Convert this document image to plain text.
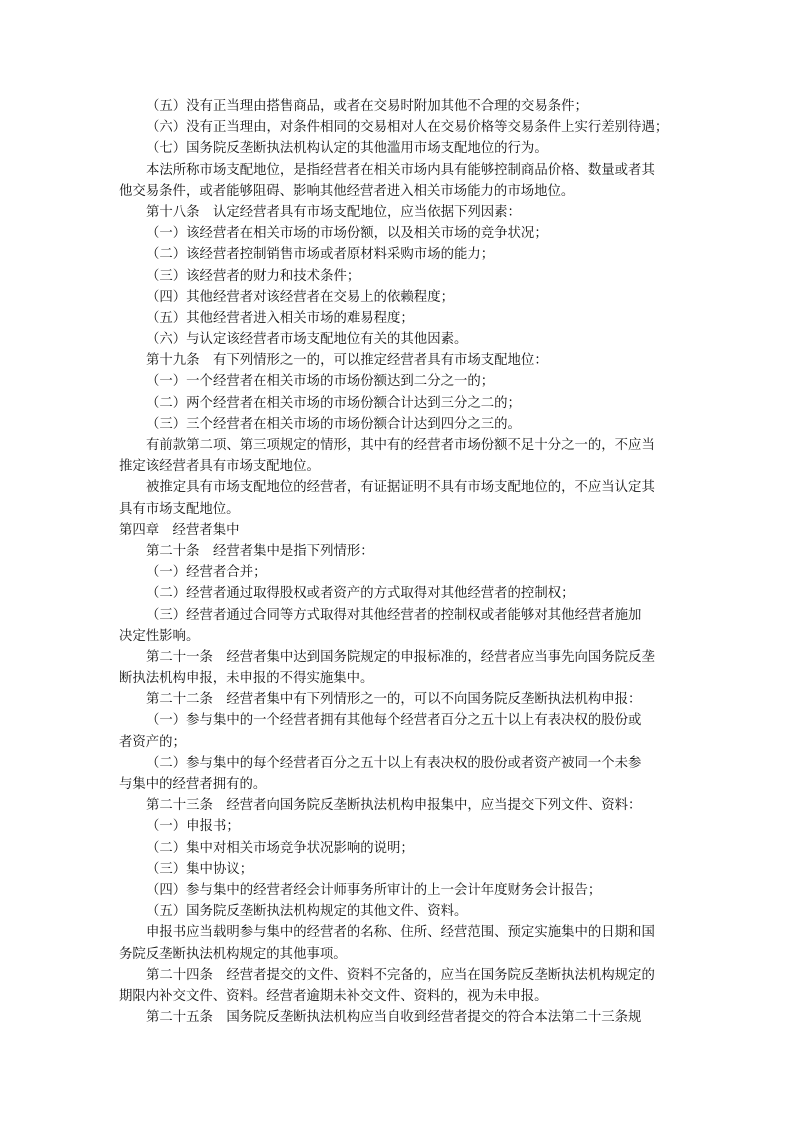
（五）没有正当理由搭售商品，或者在交易时附加其他不合理的交易条件；
（六）没有正当理由，对条件相同的交易相对人在交易价格等交易条件上实行差别待遇；
（七）国务院反垄断执法机构认定的其他滥用市场支配地位的行为。
本法所称市场支配地位，是指经营者在相关市场内具有能够控制商品价格、数量或者其
他交易条件，或者能够阻碍、影响其他经营者进入相关市场能力的市场地位。
第十八条　认定经营者具有市场支配地位，应当依据下列因素：
（一）该经营者在相关市场的市场份额，以及相关市场的竞争状况；
（二）该经营者控制销售市场或者原材料采购市场的能力；
（三）该经营者的财力和技术条件；
（四）其他经营者对该经营者在交易上的依赖程度；
（五）其他经营者进入相关市场的难易程度；
（六）与认定该经营者市场支配地位有关的其他因素。
第十九条　有下列情形之一的，可以推定经营者具有市场支配地位：
（一）一个经营者在相关市场的市场份额达到二分之一的；
（二）两个经营者在相关市场的市场份额合计达到三分之二的；
（三）三个经营者在相关市场的市场份额合计达到四分之三的。
有前款第二项、第三项规定的情形，其中有的经营者市场份额不足十分之一的，不应当
推定该经营者具有市场支配地位。
被推定具有市场支配地位的经营者，有证据证明不具有市场支配地位的，不应当认定其
具有市场支配地位。
第四章　经营者集中
第二十条　经营者集中是指下列情形：
（一）经营者合并；
（二）经营者通过取得股权或者资产的方式取得对其他经营者的控制权；
（三）经营者通过合同等方式取得对其他经营者的控制权或者能够对其他经营者施加
决定性影响。
第二十一条　经营者集中达到国务院规定的申报标准的，经营者应当事先向国务院反垄
断执法机构申报，未申报的不得实施集中。
第二十二条　经营者集中有下列情形之一的，可以不向国务院反垄断执法机构申报：
（一）参与集中的一个经营者拥有其他每个经营者百分之五十以上有表决权的股份或
者资产的；
（二）参与集中的每个经营者百分之五十以上有表决权的股份或者资产被同一个未参
与集中的经营者拥有的。
第二十三条　经营者向国务院反垄断执法机构申报集中，应当提交下列文件、资料：
（一）申报书；
（二）集中对相关市场竞争状况影响的说明；
（三）集中协议；
（四）参与集中的经营者经会计师事务所审计的上一会计年度财务会计报告；
（五）国务院反垄断执法机构规定的其他文件、资料。
申报书应当载明参与集中的经营者的名称、住所、经营范围、预定实施集中的日期和国
务院反垄断执法机构规定的其他事项。
第二十四条　经营者提交的文件、资料不完备的，应当在国务院反垄断执法机构规定的
期限内补交文件、资料。经营者逾期未补交文件、资料的，视为未申报。
第二十五条　国务院反垄断执法机构应当自收到经营者提交的符合本法第二十三条规
